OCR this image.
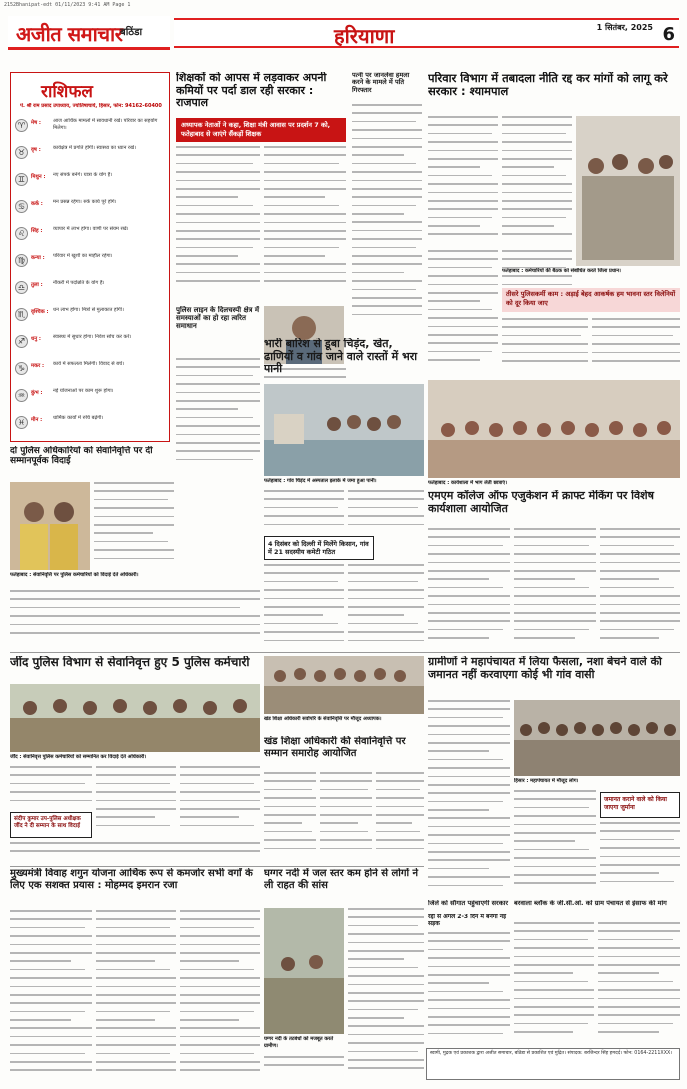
2152Bhanipat-edt 01/11/2023 9:41 AM Page 1
अजीत समाचार
बठिंडा	हरियाणा	1 सितंबर, 2025 6
राशिफल
पं. श्री राम प्रसाद उपाध्याय, ज्योतिषाचार्य, हिसार, फोन: 94162-60400
♈	मेष : आज आर्थिक मामलों में सावधानी रखें। परिवार का सहयोग मिलेगा।
♉	वृष : कार्यक्षेत्र में प्रगति होगी। स्वास्थ्य का ध्यान रखें।
♊	मिथुन : नए संपर्क बनेंगे। यात्रा के योग हैं।
♋	कर्क : मन प्रसन्न रहेगा। रुके कार्य पूरे होंगे।
♌	सिंह : व्यापार में लाभ होगा। वाणी पर संयम रखें।
♍	कन्या : परिवार में खुशी का माहौल रहेगा।
♎	तुला : नौकरी में पदोन्नति के योग हैं।
♏	वृश्चिक : धन लाभ होगा। मित्रों से मुलाकात होगी।
♐	धनु : स्वास्थ्य में सुधार होगा। निवेश सोच कर करें।
♑	मकर : कार्य में सफलता मिलेगी। विवाद से बचें।
♒	कुंभ : नई योजनाओं पर काम शुरू होगा।
♓	मीन : धार्मिक कार्यों में रुचि बढ़ेगी।
शिक्षकों को आपस में लड़वाकर अपनी कमियों पर पर्दा डाल रही सरकार : राजपाल
अध्यापक नेताओं ने कहा, शिक्षा मंत्री आवास पर प्रदर्शन 7 को, फतेहाबाद से जाएंगे सैंकड़ों शिक्षक
पत्नी पर जानलेवा हमला करने के मामले में पति गिरफ्तार
पुलिस लाइन के दिलचस्पी क्षेत्र में समस्याओं का हो रहा त्वरित समाधान
परिवार विभाग में तबादला नीति रद्द कर मांगों को लागू करे सरकार : श्यामपाल
फतेहाबाद : कर्मचारियों की बैठक को संबोधित करते जिला प्रधान।
तीसरे पुलिसकर्मी काम : अड़ाई बेहद आकर्षक हम भावना स्तर विलेनियों को दूर किया जाए
भारी बारिश से डूबा चिड़ंद, खेत, ढाणियों व गांव जाने वाले रास्तों में भरा पानी
फतेहाबाद : गांव चिड़ंद में अस्पताल इलाके में जमा हुआ पानी।
4 दिसंबर को दिल्ली में मिलेंगे किसान, गांव में 21 सदस्यीय कमेटी गठित
दो पुलिस अधिकारियों को सेवानिवृत्ति पर दी सम्मानपूर्वक विदाई
फतेहाबाद : सेवानिवृत्ति पर पुलिस कर्मचारियों को विदाई देते अधिकारी।
फतेहाबाद : कार्यशाला में भाग लेती छात्राएं।
एमएम कॉलेज ऑफ एजुकेशन में क्राफ्ट मेकिंग पर विशेष कार्यशाला आयोजित
जींद पुलिस विभाग से सेवानिवृत्त हुए 5 पुलिस कर्मचारी
जींद : सेवानिवृत्त पुलिस कर्मचारियों को सम्मानित कर विदाई देते अधिकारी।
संदीप कुमार उप-पुलिस अधीक्षक जींद ने दी सम्मान के साथ विदाई
खंड शिक्षा अधिकारी सर्वोपरि के सेवानिवृत्ति पर मौजूद अध्यापक।
खंड शिक्षा अधिकारी की सेवानिवृत्ति पर सम्मान समारोह आयोजित
ग्रामीणों ने महापंचायत में लिया फैसला, नशा बेचने वाले की जमानत नहीं करवाएगा कोई भी गांव वासी
हिसार : महापंचायत में मौजूद लोग।
जमानत कराने वाले को किया जाएगा जुर्माना
मुख्यमंत्री विवाह शगुन योजना आर्थिक रूप से कमजोर सभी वर्गों के लिए एक सशक्त प्रयास : मोहम्मद इमरान रजा
घग्गर नदी में जल स्तर कम होने से लोगों ने ली राहत की सांस
घग्गर नदी के तटबंधों को मजबूत करते ग्रामीण।
जिले को सौगात पहुंचाएगी सरकार
रद्दी से अगले 2-3 दिन में बनेगा नई सड़क
बरवाला ब्लॉक के जी.सी.ओ. को ग्राम पंचायत से इंसाफ की मांग
स्वामी, मुद्रक एवं प्रकाशक द्वारा अजीत समाचार, बठिंडा से प्रकाशित एवं मुद्रित। संपादक: बरजिन्दर सिंह हमदर्द। फोन: 0164-2211XXX।
